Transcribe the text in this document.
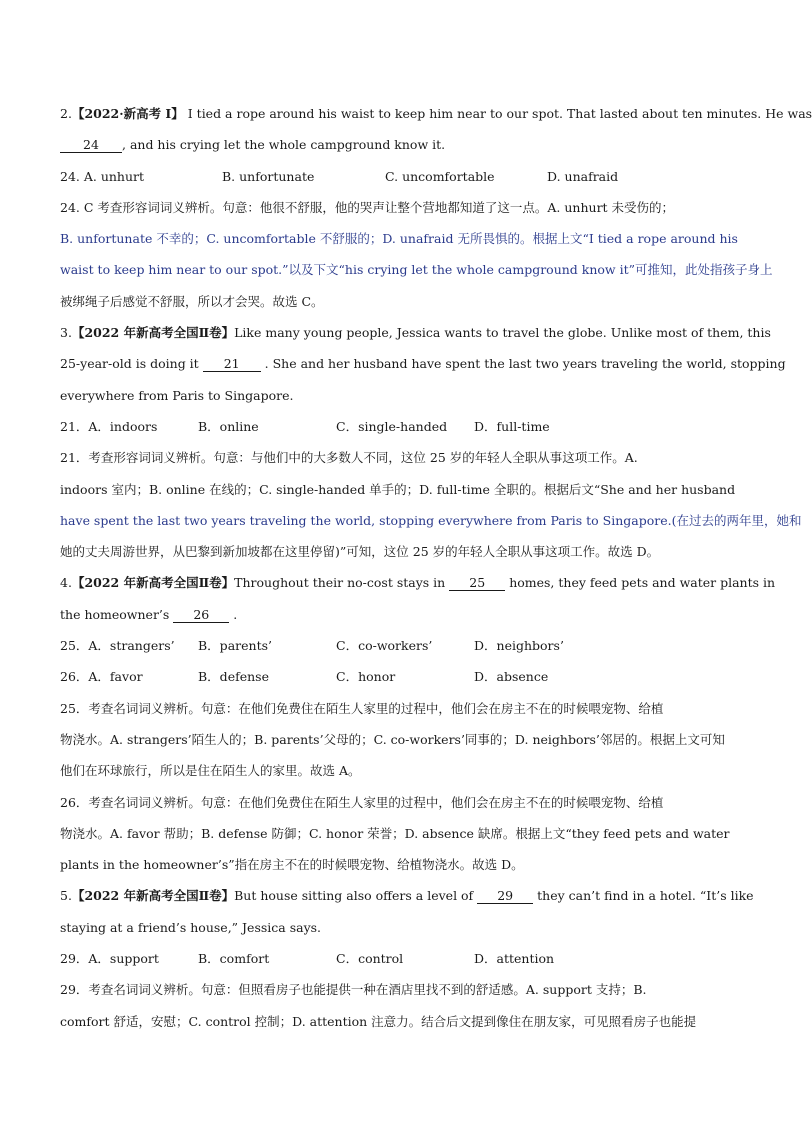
2.【2022·新高考 I】 I tied a rope around his waist to keep him near to our spot. That lasted about ten minutes. He was
24 , and his crying let the whole campground know it.
24. A. unhurt	B. unfortunate	C. uncomfortable	D. unafraid
24. C 考查形容词词义辨析。句意：他很不舒服，他的哭声让整个营地都知道了这一点。A. unhurt 未受伤的；
B. unfortunate 不幸的；C. uncomfortable 不舒服的；D. unafraid 无所畏惧的。根据上文“I tied a rope around his
waist to keep him near to our spot.”以及下文“his crying let the whole campground know it”可推知，此处指孩子身上
被绑绳子后感觉不舒服，所以才会哭。故选 C。
3.【2022 年新高考全国Ⅱ卷】Like many young people, Jessica wants to travel the globe. Unlike most of them, this
25-year-old is doing it 21 . She and her husband have spent the last two years traveling the world, stopping
everywhere from Paris to Singapore.
21．A．indoors	B．online	C．single-handed D．full-time
21．考查形容词词义辨析。句意：与他们中的大多数人不同，这位 25 岁的年轻人全职从事这项工作。A.
indoors 室内；B. online 在线的；C. single-handed 单手的；D. full-time 全职的。根据后文“She and her husband
have spent the last two years traveling the world, stopping everywhere from Paris to Singapore.(在过去的两年里，她和
她的丈夫周游世界，从巴黎到新加坡都在这里停留)”可知，这位 25 岁的年轻人全职从事这项工作。故选 D。
4.【2022 年新高考全国Ⅱ卷】Throughout their no-cost stays in 25 homes, they feed pets and water plants in
the homeowner’s 26 .
25．A．strangers’ B．parents’	C．co-workers’	D．neighbors’
26．A．favor	B．defense	C．honor	D．absence
25．考查名词词义辨析。句意：在他们免费住在陌生人家里的过程中，他们会在房主不在的时候喂宠物、给植
物浇水。A. strangers’陌生人的；B. parents’父母的；C. co-workers’同事的；D. neighbors’邻居的。根据上文可知
他们在环球旅行，所以是住在陌生人的家里。故选 A。
26．考查名词词义辨析。句意：在他们免费住在陌生人家里的过程中，他们会在房主不在的时候喂宠物、给植
物浇水。A. favor 帮助；B. defense 防御；C. honor 荣誉；D. absence 缺席。根据上文“they feed pets and water
plants in the homeowner’s”指在房主不在的时候喂宠物、给植物浇水。故选 D。
5.【2022 年新高考全国Ⅱ卷】But house sitting also offers a level of 29 they can’t find in a hotel. “It’s like
staying at a friend’s house,” Jessica says.
29．A．support	B．comfort	C．control	D．attention
29．考查名词词义辨析。句意：但照看房子也能提供一种在酒店里找不到的舒适感。A. support 支持；B.
comfort 舒适，安慰；C. control 控制；D. attention 注意力。结合后文提到像住在朋友家，可见照看房子也能提
